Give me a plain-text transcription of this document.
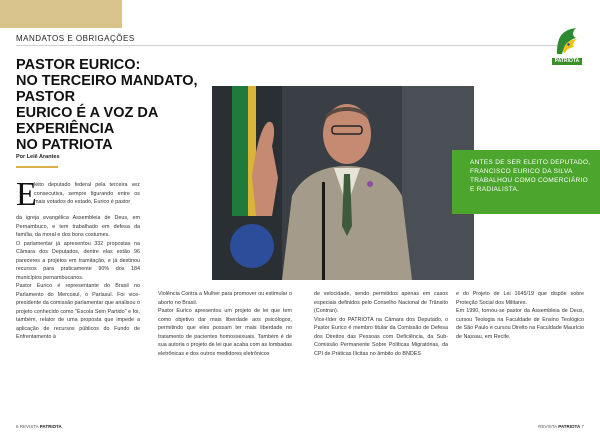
MANDATOS E OBRIGAÇÕES
PATRIOTA
PASTOR EURICO:
NO TERCEIRO MANDATO, PASTOR
EURICO É A VOZ DA EXPERIÊNCIA
NO PATRIOTA
Por Leiê Arantes
ANTES DE SER ELEITO DEPUTADO, FRANCISCO EURICO DA SILVA TRABALHOU COMO COMERCIÁRIO E RADIALISTA.
E

leito deputado federal pela terceira vez consecutiva, sempre figurando entre os mais votados do estado, Eurico é pastor

da igreja evangélica Assembleia de Deus, em Pernambuco, e tem trabalhado em defesa da família, da moral e dos bons costumes.

O parlamentar já apresentou 332 propostas na Câmara dos Deputados, dentre elas estão 96 pareceres a projetos em tramitação, e já destinou recursos para praticamente 90% dos 184 municípios pernambucanos.

Pastor Eurico é representante do Brasil no Parlamento do Mercosul, o Parlasul. Foi vice-presidente da comissão parlamentar que analisou o projeto conhecido como "Escola Sem Partido" e foi, também, relator de uma proposta que impede a aplicação de recursos públicos do Fundo de Enfrentamento à

Violência Contra a Mulher para promover ou estimular o aborto no Brasil.

Pastor Eurico apresentou um projeto de lei que tem como objetivo dar mais liberdade aos psicólogos, permitindo que eles possam ter mais liberdade no tratamento de pacientes homossexuais. Também é de sua autoria o projeto de lei que acaba com as lombadas eletrônicas e dos outros medidores eletrônicos

de velocidade, sendo permitidos apenas em casos especiais definidos pelo Conselho Nacional de Trânsito (Contran).

Vice-líder do PATRIOTA na Câmara dos Deputado, o Pastor Eurico é membro titular da Comissão de Defesa dos Direitos das Pessoas com Deficiência, da Sub-Comissão Permanente Sobre Políticas Migratórias, da CPI de Práticas Ilícitas no âmbito do BNDES

e do Projeto de Lei 1645/19 que dispõe sobre Proteção Social dos Militares.

Em 1990, tornou-se pastor da Assembleia de Deus, cursou Teologia na Faculdade de Ensino Teológico de São Paulo e cursou Direito na Faculdade Maurício de Nassau, em Recife.

6 REVISTA PATRIOTA	REVISTA PATRIOTA 7
